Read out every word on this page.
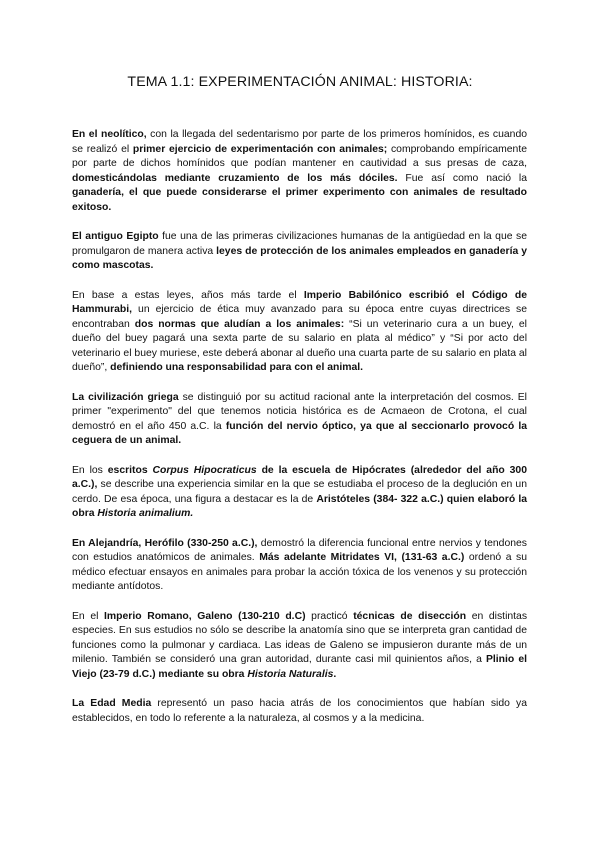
TEMA 1.1: EXPERIMENTACIÓN ANIMAL: HISTORIA:

En el neolítico, con la llegada del sedentarismo por parte de los primeros homínidos, es cuando se realizó el primer ejercicio de experimentación con animales; comprobando empíricamente por parte de dichos homínidos que podían mantener en cautividad a sus presas de caza, domesticándolas mediante cruzamiento de los más dóciles. Fue así como nació la ganadería, el que puede considerarse el primer experimento con animales de resultado exitoso.

El antiguo Egipto fue una de las primeras civilizaciones humanas de la antigüedad en la que se promulgaron de manera activa leyes de protección de los animales empleados en ganadería y como mascotas.

En base a estas leyes, años más tarde el Imperio Babilónico escribió el Código de Hammurabi, un ejercicio de ética muy avanzado para su época entre cuyas directrices se encontraban dos normas que aludían a los animales: “Si un veterinario cura a un buey, el dueño del buey pagará una sexta parte de su salario en plata al médico” y “Si por acto del veterinario el buey muriese, este deberá abonar al dueño una cuarta parte de su salario en plata al dueño”, definiendo una responsabilidad para con el animal.

La civilización griega se distinguió por su actitud racional ante la interpretación del cosmos. El primer "experimento" del que tenemos noticia histórica es de Acmaeon de Crotona, el cual demostró en el año 450 a.C. la función del nervio óptico, ya que al seccionarlo provocó la ceguera de un animal.

En los escritos Corpus Hipocraticus de la escuela de Hipócrates (alrededor del año 300 a.C.), se describe una experiencia similar en la que se estudiaba el proceso de la deglución en un cerdo. De esa época, una figura a destacar es la de Aristóteles (384- 322 a.C.) quien elaboró la obra Historia animalium.

En Alejandría, Herófilo (330-250 a.C.), demostró la diferencia funcional entre nervios y tendones con estudios anatómicos de animales. Más adelante Mitridates VI, (131-63 a.C.) ordenó a su médico efectuar ensayos en animales para probar la acción tóxica de los venenos y su protección mediante antídotos.

En el Imperio Romano, Galeno (130-210 d.C) practicó técnicas de disección en distintas especies. En sus estudios no sólo se describe la anatomía sino que se interpreta gran cantidad de funciones como la pulmonar y cardiaca. Las ideas de Galeno se impusieron durante más de un milenio. También se consideró una gran autoridad, durante casi mil quinientos años, a Plinio el Viejo (23-79 d.C.) mediante su obra Historia Naturalis.

La Edad Media representó un paso hacia atrás de los conocimientos que habían sido ya establecidos, en todo lo referente a la naturaleza, al cosmos y a la medicina.
